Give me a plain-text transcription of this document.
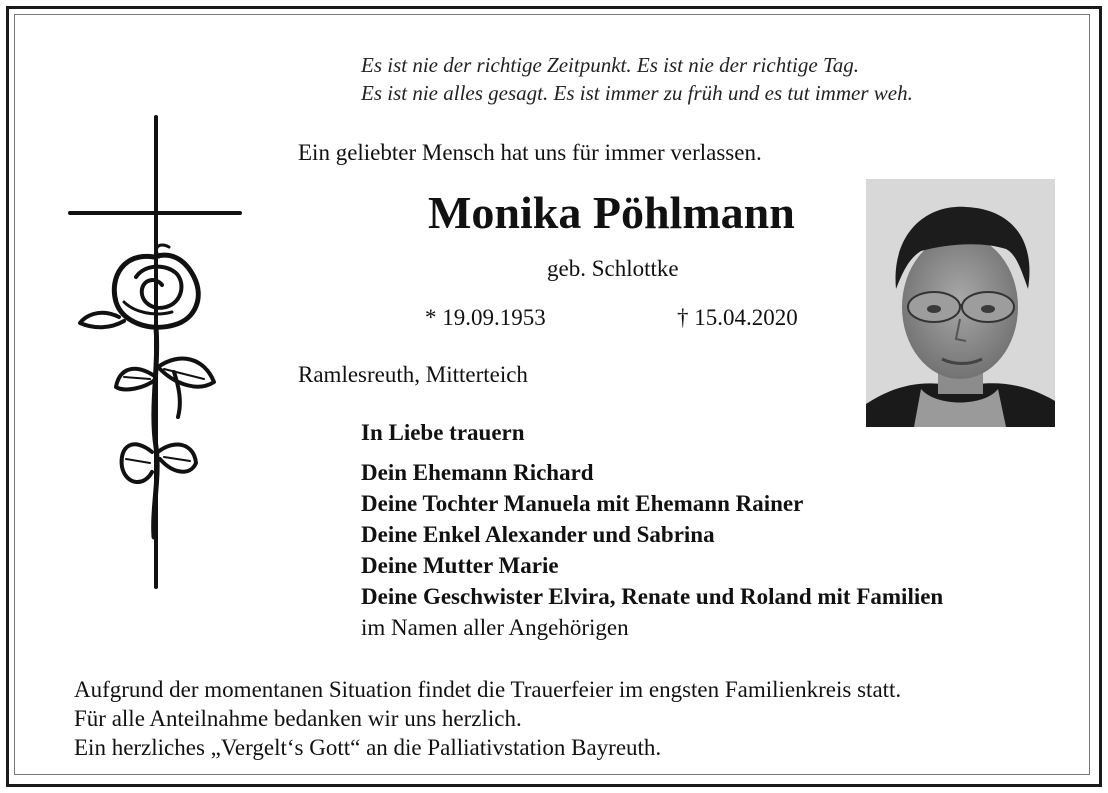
Es ist nie der richtige Zeitpunkt. Es ist nie der richtige Tag.
Es ist nie alles gesagt. Es ist immer zu früh und es tut immer weh.
Ein geliebter Mensch hat uns für immer verlassen.
Monika Pöhlmann
geb. Schlottke
* 19.09.1953	† 15.04.2020
Ramlesreuth, Mitterteich
In Liebe trauern
Dein Ehemann Richard
Deine Tochter Manuela mit Ehemann Rainer
Deine Enkel Alexander und Sabrina
Deine Mutter Marie
Deine Geschwister Elvira, Renate und Roland mit Familien
im Namen aller Angehörigen
Aufgrund der momentanen Situation findet die Trauerfeier im engsten Familienkreis statt.
Für alle Anteilnahme bedanken wir uns herzlich.
Ein herzliches „Vergelt‘s Gott“ an die Palliativstation Bayreuth.
